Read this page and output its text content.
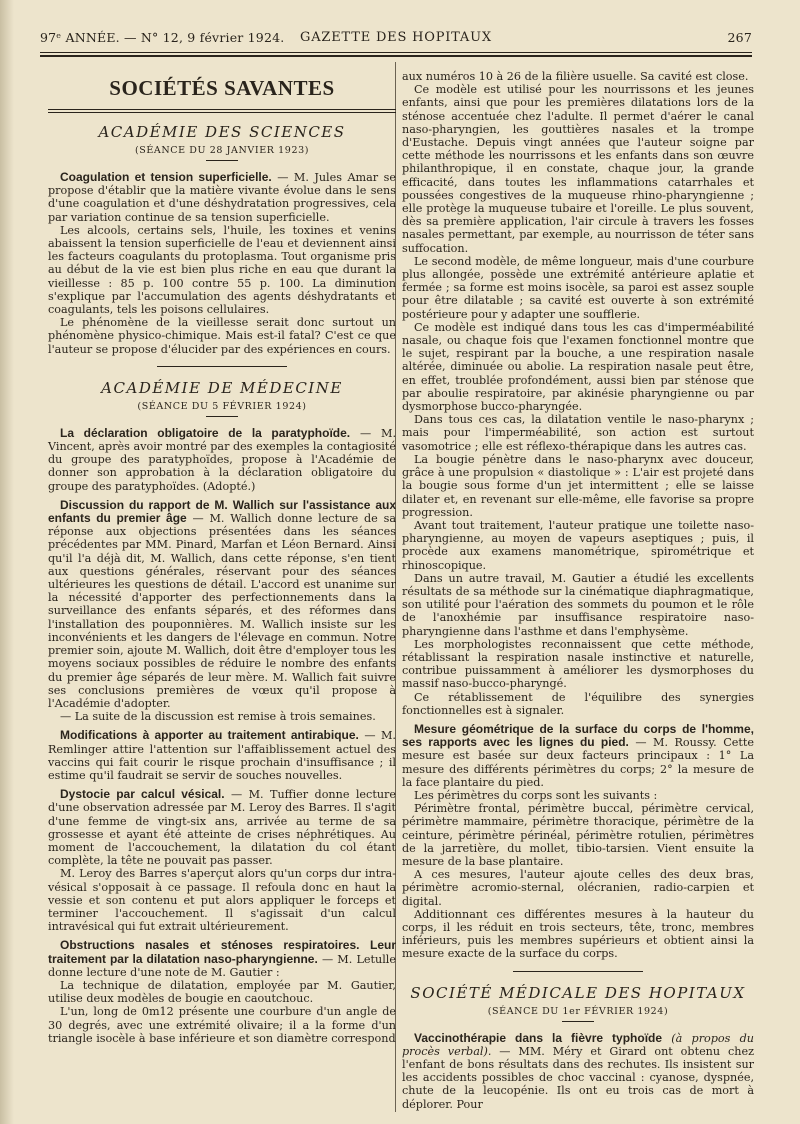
97ᵉ ANNÉE. — N° 12, 9 février 1924.	GAZETTE DES HOPITAUX	267
SOCIÉTÉS SAVANTES
ACADÉMIE DES SCIENCES
(SÉANCE DU 28 JANVIER 1923)

Coagulation et tension superficielle. — M. Jules Amar se propose d'établir que la matière vivante évolue dans le sens d'une coagulation et d'une déshydratation progressives, cela par variation continue de sa tension superficielle.

Les alcools, certains sels, l'huile, les toxines et venins abaissent la tension superficielle de l'eau et deviennent ainsi les facteurs coagulants du protoplasma. Tout organisme pris au début de la vie est bien plus riche en eau que durant la vieillesse : 85 p. 100 contre 55 p. 100. La diminution s'explique par l'accumulation des agents déshydratants et coagulants, tels les poisons cellulaires.

Le phénomène de la vieillesse serait donc surtout un phénomène physico-chimique. Mais est-il fatal? C'est ce que l'auteur se propose d'élucider par des expériences en cours.

ACADÉMIE DE MÉDECINE
(SÉANCE DU 5 FÉVRIER 1924)

La déclaration obligatoire de la paratyphoïde. — M. Vincent, après avoir montré par des exemples la contagiosité du groupe des paratyphoïdes, propose à l'Académie de donner son approbation à la déclaration obligatoire du groupe des paratyphoïdes. (Adopté.)

Discussion du rapport de M. Wallich sur l'assistance aux enfants du premier âge — M. Wallich donne lecture de sa réponse aux objections présentées dans les séances précédentes par MM. Pinard, Marfan et Léon Bernard. Ainsi qu'il l'a déjà dit, M. Wallich, dans cette réponse, s'en tient aux questions générales, réservant pour des séances ultérieures les questions de détail. L'accord est unanime sur la nécessité d'apporter des perfectionnements dans la surveillance des enfants séparés, et des réformes dans l'installation des pouponnières. M. Wallich insiste sur les inconvénients et les dangers de l'élevage en commun. Notre premier soin, ajoute M. Wallich, doit être d'employer tous les moyens sociaux possibles de réduire le nombre des enfants du premier âge séparés de leur mère. M. Wallich fait suivre ses conclusions premières de vœux qu'il propose à l'Académie d'adopter.

— La suite de la discussion est remise à trois semaines.

Modifications à apporter au traitement antirabique. — M. Remlinger attire l'attention sur l'affaiblissement actuel des vaccins qui fait courir le risque prochain d'insuffisance ; il estime qu'il faudrait se servir de souches nouvelles.

Dystocie par calcul vésical. — M. Tuffier donne lecture d'une observation adressée par M. Leroy des Barres. Il s'agit d'une femme de vingt-six ans, arrivée au terme de sa grossesse et ayant été atteinte de crises néphrétiques. Au moment de l'accouchement, la dilatation du col étant complète, la tête ne pouvait pas passer.

M. Leroy des Barres s'aperçut alors qu'un corps dur intra-vésical s'opposait à ce passage. Il refoula donc en haut la vessie et son contenu et put alors appliquer le forceps et terminer l'accouchement. Il s'agissait d'un calcul intravésical qui fut extrait ultérieurement.

Obstructions nasales et sténoses respiratoires. Leur traitement par la dilatation naso-pharyngienne. — M. Letulle donne lecture d'une note de M. Gautier :

La technique de dilatation, employée par M. Gautier, utilise deux modèles de bougie en caoutchouc.

L'un, long de 0m12 présente une courbure d'un angle de 30 degrés, avec une extrémité olivaire; il a la forme d'un triangle isocèle à base inférieure et son diamètre correspond

aux numéros 10 à 26 de la filière usuelle. Sa cavité est close.

Ce modèle est utilisé pour les nourrissons et les jeunes enfants, ainsi que pour les premières dilatations lors de la sténose accentuée chez l'adulte. Il permet d'aérer le canal naso-pharyngien, les gouttières nasales et la trompe d'Eustache. Depuis vingt années que l'auteur soigne par cette méthode les nourrissons et les enfants dans son œuvre philanthropique, il en constate, chaque jour, la grande efficacité, dans toutes les inflammations catarrhales et poussées congestives de la muqueuse rhino-pharyngienne ; elle protège la muqueuse tubaire et l'oreille. Le plus souvent, dès sa première application, l'air circule à travers les fosses nasales permettant, par exemple, au nourrisson de téter sans suffocation.

Le second modèle, de même longueur, mais d'une courbure plus allongée, possède une extrémité antérieure aplatie et fermée ; sa forme est moins isocèle, sa paroi est assez souple pour être dilatable ; sa cavité est ouverte à son extrémité postérieure pour y adapter une soufflerie.

Ce modèle est indiqué dans tous les cas d'imperméabilité nasale, ou chaque fois que l'examen fonctionnel montre que le sujet, respirant par la bouche, a une respiration nasale altérée, diminuée ou abolie. La respiration nasale peut être, en effet, troublée profondément, aussi bien par sténose que par aboulie respiratoire, par akinésie pharyngienne ou par dysmorphose bucco-pharyngée.

Dans tous ces cas, la dilatation ventile le naso-pharynx ; mais pour l'imperméabilité, son action est surtout vasomotrice ; elle est réflexo-thérapique dans les autres cas.

La bougie pénètre dans le naso-pharynx avec douceur, grâce à une propulsion « diastolique » : L'air est projeté dans la bougie sous forme d'un jet intermittent ; elle se laisse dilater et, en revenant sur elle-même, elle favorise sa propre progression.

Avant tout traitement, l'auteur pratique une toilette naso-pharyngienne, au moyen de vapeurs aseptiques ; puis, il procède aux examens manométrique, spirométrique et rhinoscopique.

Dans un autre travail, M. Gautier a étudié les excellents résultats de sa méthode sur la cinématique diaphragmatique, son utilité pour l'aération des sommets du poumon et le rôle de l'anoxhémie par insuffisance respiratoire naso-pharyngienne dans l'asthme et dans l'emphysème.

Les morphologistes reconnaissent que cette méthode, rétablissant la respiration nasale instinctive et naturelle, contribue puissamment à améliorer les dysmorphoses du massif naso-bucco-pharyngé.

Ce rétablissement de l'équilibre des synergies fonctionnelles est à signaler.

Mesure géométrique de la surface du corps de l'homme, ses rapports avec les lignes du pied. — M. Roussy. Cette mesure est basée sur deux facteurs principaux : 1° La mesure des différents périmètres du corps; 2° la mesure de la face plantaire du pied.

Les périmètres du corps sont les suivants :

Périmètre frontal, périmètre buccal, périmètre cervical, périmètre mammaire, périmètre thoracique, périmètre de la ceinture, périmètre périnéal, périmètre rotulien, périmètres de la jarretière, du mollet, tibio-tarsien. Vient ensuite la mesure de la base plantaire.

A ces mesures, l'auteur ajoute celles des deux bras, périmètre acromio-sternal, olécranien, radio-carpien et digital.

Additionnant ces différentes mesures à la hauteur du corps, il les réduit en trois secteurs, tête, tronc, membres inférieurs, puis les membres supérieurs et obtient ainsi la mesure exacte de la surface du corps.

SOCIÉTÉ MÉDICALE DES HOPITAUX
(SÉANCE DU 1er FÉVRIER 1924)

Vaccinothérapie dans la fièvre typhoïde (à propos du procès verbal). — MM. Méry et Girard ont obtenu chez l'enfant de bons résultats dans des rechutes. Ils insistent sur les accidents possibles de choc vaccinal : cyanose, dyspnée, chute de la leucopénie. Ils ont eu trois cas de mort à déplorer. Pour
